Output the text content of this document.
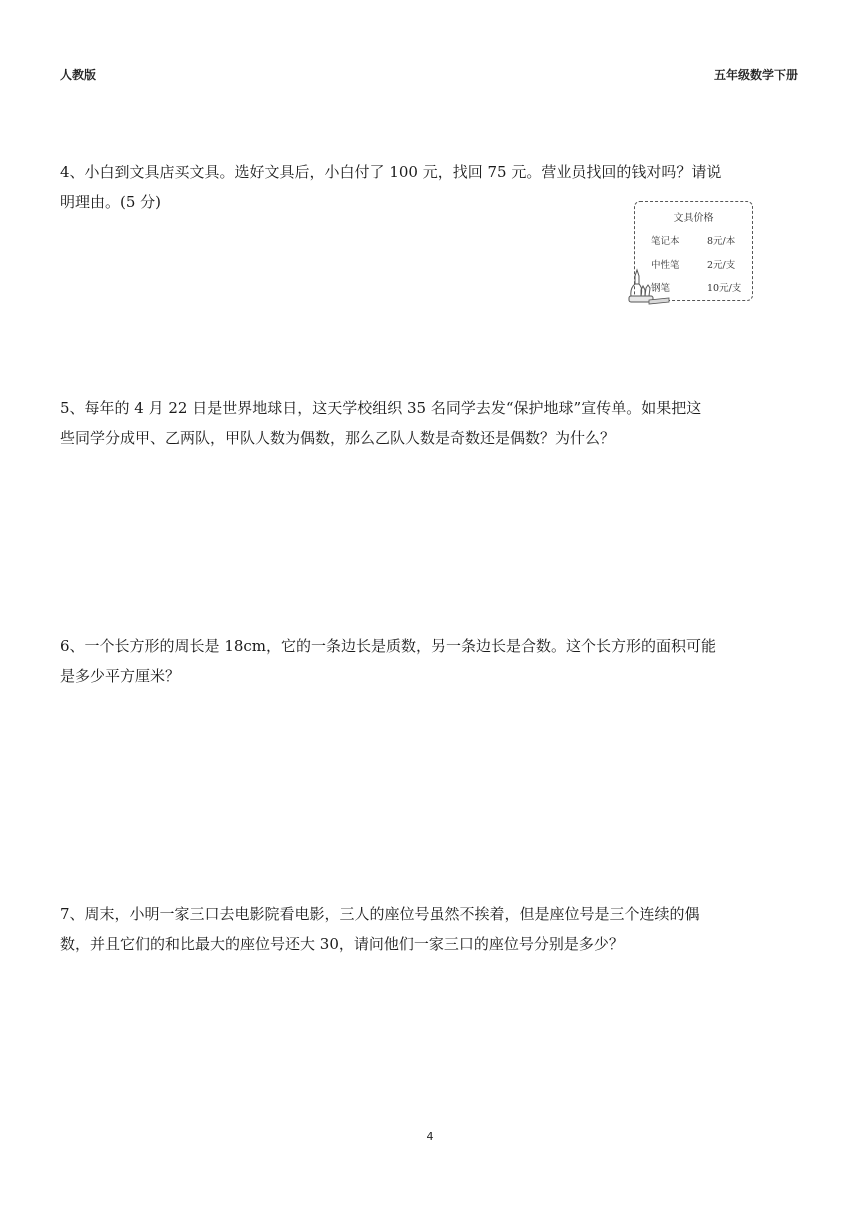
人教版	五年级数学下册
4、小白到文具店买文具。选好文具后，小白付了 100 元，找回 75 元。营业员找回的钱对吗？请说
明理由。(5 分)
文具价格
笔记本	8元/本
中性笔	2元/支
钢笔	10元/支
5、每年的 4 月 22 日是世界地球日，这天学校组织 35 名同学去发“保护地球”宣传单。如果把这
些同学分成甲、乙两队，甲队人数为偶数，那么乙队人数是奇数还是偶数？为什么？
6、一个长方形的周长是 18cm，它的一条边长是质数，另一条边长是合数。这个长方形的面积可能
是多少平方厘米？
7、周末，小明一家三口去电影院看电影，三人的座位号虽然不挨着，但是座位号是三个连续的偶
数，并且它们的和比最大的座位号还大 30，请问他们一家三口的座位号分别是多少？
4
